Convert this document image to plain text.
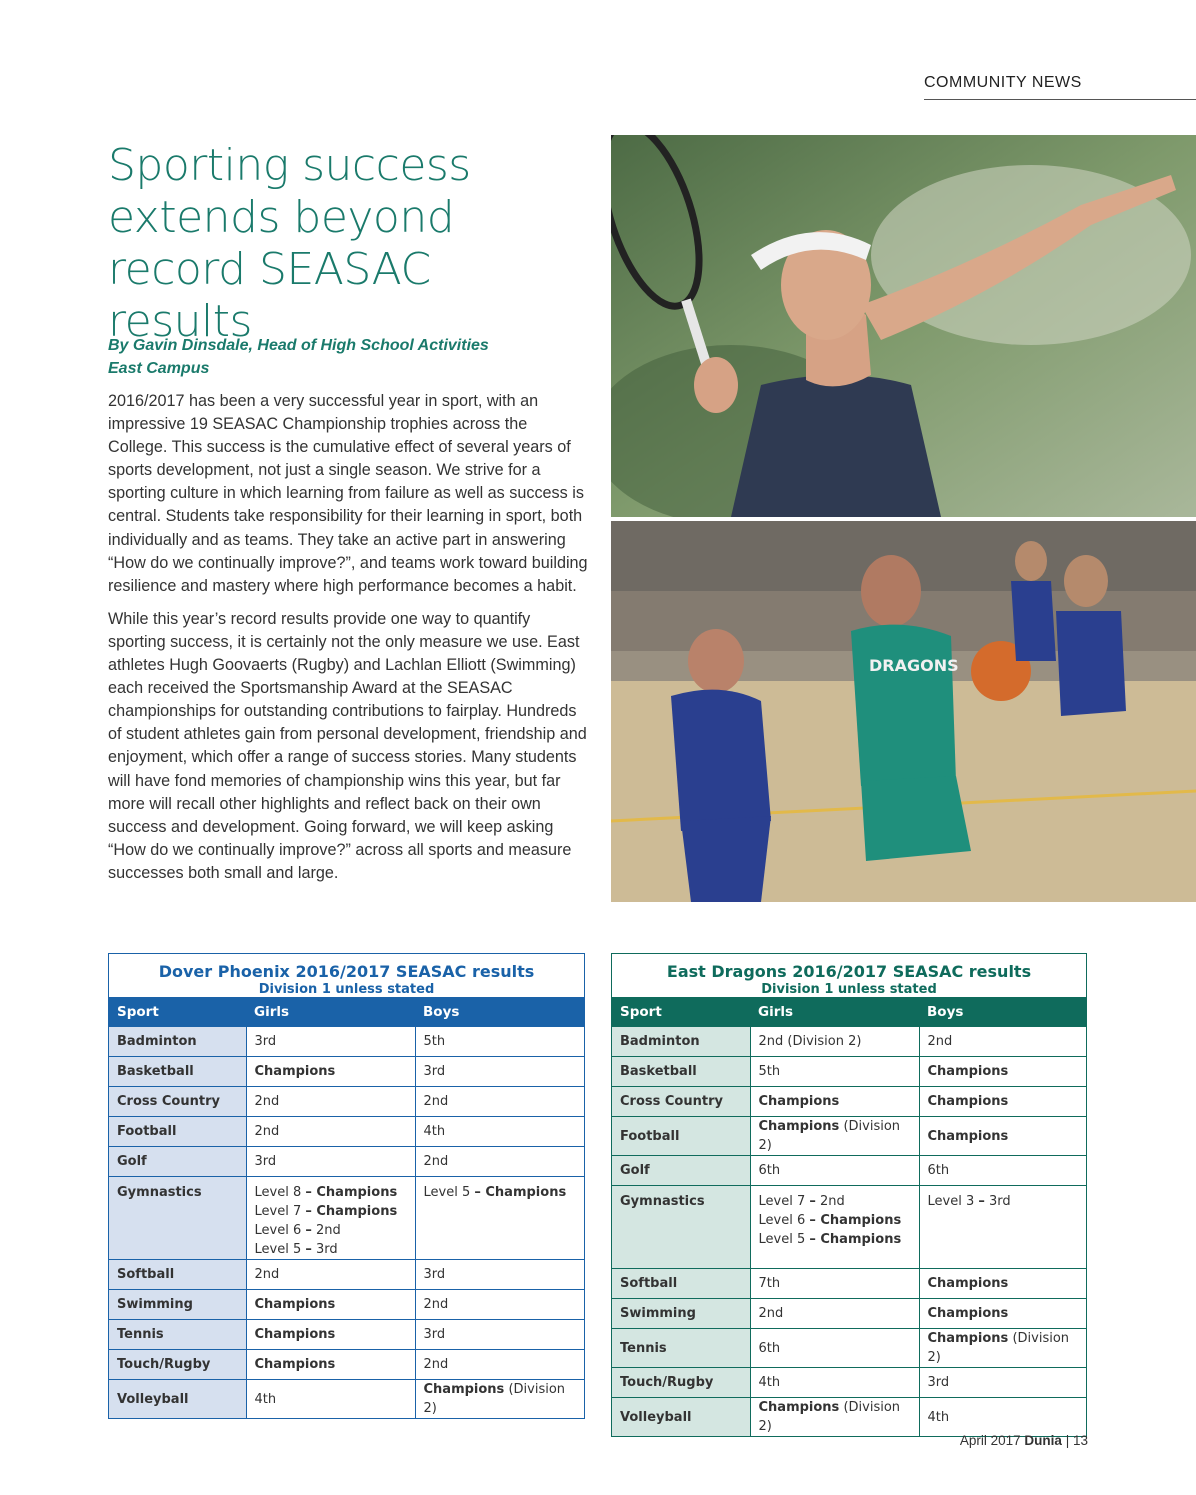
COMMUNITY NEWS
Sporting success extends beyond record SEASAC results
By Gavin Dinsdale, Head of High School Activities
East Campus

2016/2017 has been a very successful year in sport, with an impressive 19 SEASAC Championship trophies across the College. This success is the cumulative effect of several years of sports development, not just a single season. We strive for a sporting culture in which learning from failure as well as success is central. Students take responsibility for their learning in sport, both individually and as teams. They take an active part in answering “How do we continually improve?”, and teams work toward building resilience and mastery where high performance becomes a habit.

While this year’s record results provide one way to quantify sporting success, it is certainly not the only measure we use. East athletes Hugh Goovaerts (Rugby) and Lachlan Elliott (Swimming) each received the Sportsmanship Award at the SEASAC championships for outstanding contributions to fairplay. Hundreds of student athletes gain from personal development, friendship and enjoyment, which offer a range of success stories. Many students will have fond memories of championship wins this year, but far more will recall other highlights and reflect back on their own success and development. Going forward, we will keep asking “How do we continually improve?” across all sports and measure successes both small and large.

DRAGONS
Dover Phoenix 2016/2017 SEASAC results
Division 1 unless stated
Sport	Girls	Boys
Badminton	3rd	5th
Basketball	Champions	3rd
Cross Country	2nd	2nd
Football	2nd	4th
Golf	3rd	2nd
Gymnastics	Level 8 – Champions
Level 7 – Champions
Level 6 – 2nd
Level 5 – 3rd	Level 5 – Champions

Softball	2nd	3rd
Swimming	Champions	2nd
Tennis	Champions	3rd
Touch/Rugby	Champions	2nd
Volleyball	4th	Champions (Division 2)
East Dragons 2016/2017 SEASAC results
Division 1 unless stated
Sport	Girls	Boys
Badminton	2nd (Division 2)	2nd
Basketball	5th	Champions
Cross Country	Champions	Champions
Football	Champions (Division 2)	Champions
Golf	6th	6th
Gymnastics	Level 7 – 2nd
Level 6 – Champions
Level 5 – Champions	Level 3 – 3rd

Softball	7th	Champions
Swimming	2nd	Champions
Tennis	6th	Champions (Division 2)
Touch/Rugby	4th	3rd
Volleyball	Champions (Division 2)	4th
April 2017 Dunia | 13
